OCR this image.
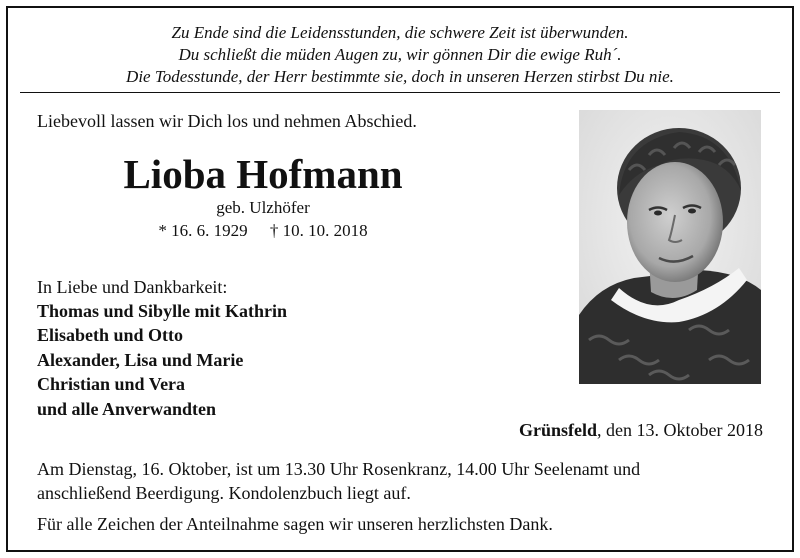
Zu Ende sind die Leidensstunden, die schwere Zeit ist überwunden.
Du schließt die müden Augen zu, wir gönnen Dir die ewige Ruh´.
Die Todesstunde, der Herr bestimmte sie, doch in unseren Herzen stirbst Du nie.
Liebevoll lassen wir Dich los und nehmen Abschied.
Lioba Hofmann
geb. Ulzhöfer
* 16. 6. 1929 † 10. 10. 2018
In Liebe und Dankbarkeit:
Thomas und Sibylle mit Kathrin
Elisabeth und Otto
Alexander, Lisa und Marie
Christian und Vera
und alle Anverwandten
Grünsfeld, den 13. Oktober 2018
Am Dienstag, 16. Oktober, ist um 13.30 Uhr Rosenkranz, 14.00 Uhr Seelenamt und
anschließend Beerdigung. Kondolenzbuch liegt auf.
Für alle Zeichen der Anteilnahme sagen wir unseren herzlichsten Dank.
